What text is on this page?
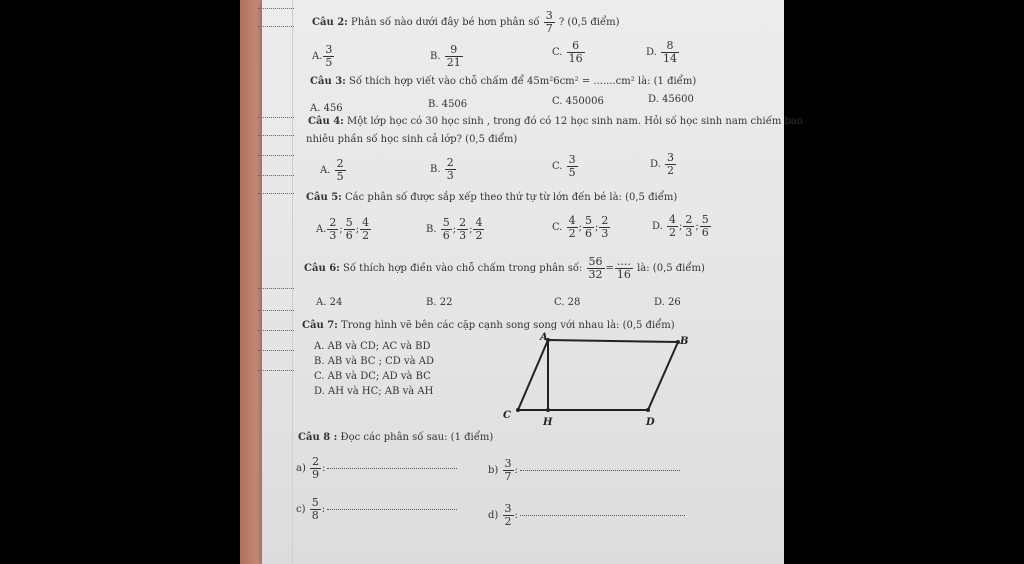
Câu 2: Phân số nào dưới đây bé hơn phân số $\frac{3}{7}$ ? (0,5 điểm)
A. $\frac{3}{5}$	B. $\frac{9}{21}$	C. $\frac{6}{16}$	D. $\frac{8}{14}$
Câu 3: Số thích hợp viết vào chỗ chấm để 45m²6cm² = .......cm² là: (1 điểm)
A. 456	B. 4506	C. 450006	D. 45600
Câu 4: Một lớp học có 30 học sinh , trong đó có 12 học sinh nam. Hỏi số học sinh nam chiếm bao
nhiêu phần số học sinh cả lớp? (0,5 điểm)
A. $\frac{2}{5}$	B. $\frac{2}{3}$	C. $\frac{3}{5}$	D. $\frac{3}{2}$
Câu 5: Các phân số được sắp xếp theo thứ tự từ lớn đến bé là: (0,5 điểm)
A. $\frac{2}{3}$ ; $\frac{5}{6}$ ; $\frac{4}{2}$	B. $\frac{5}{6}$ ; $\frac{2}{3}$ ; $\frac{4}{2}$	C. $\frac{4}{2}$ ; $\frac{5}{6}$ ; $\frac{2}{3}$	D. $\frac{4}{2}$ ; $\frac{2}{3}$ ; $\frac{5}{6}$
Câu 6: Số thích hợp điền vào chỗ chấm trong phân số: $\frac{56}{32} = \frac{....}{16}$ là: (0,5 điểm)
A. 24	B. 22	C. 28	D. 26
Câu 7: Trong hình vẽ bên các cặp cạnh song song với nhau là: (0,5 điểm)
A. AB và CD; AC và BD
B. AB và BC ; CD và AD
C. AB và DC; AD và BC
D. AH và HC; AB và AH
A	B
C
H	D
Câu 8 : Đọc các phân số sau: (1 điểm)
$a) \frac{2}{9}$ :	$b) \frac{3}{7}$ :
$c) \frac{5}{8}$ :
$d) \frac{3}{2}$ :
